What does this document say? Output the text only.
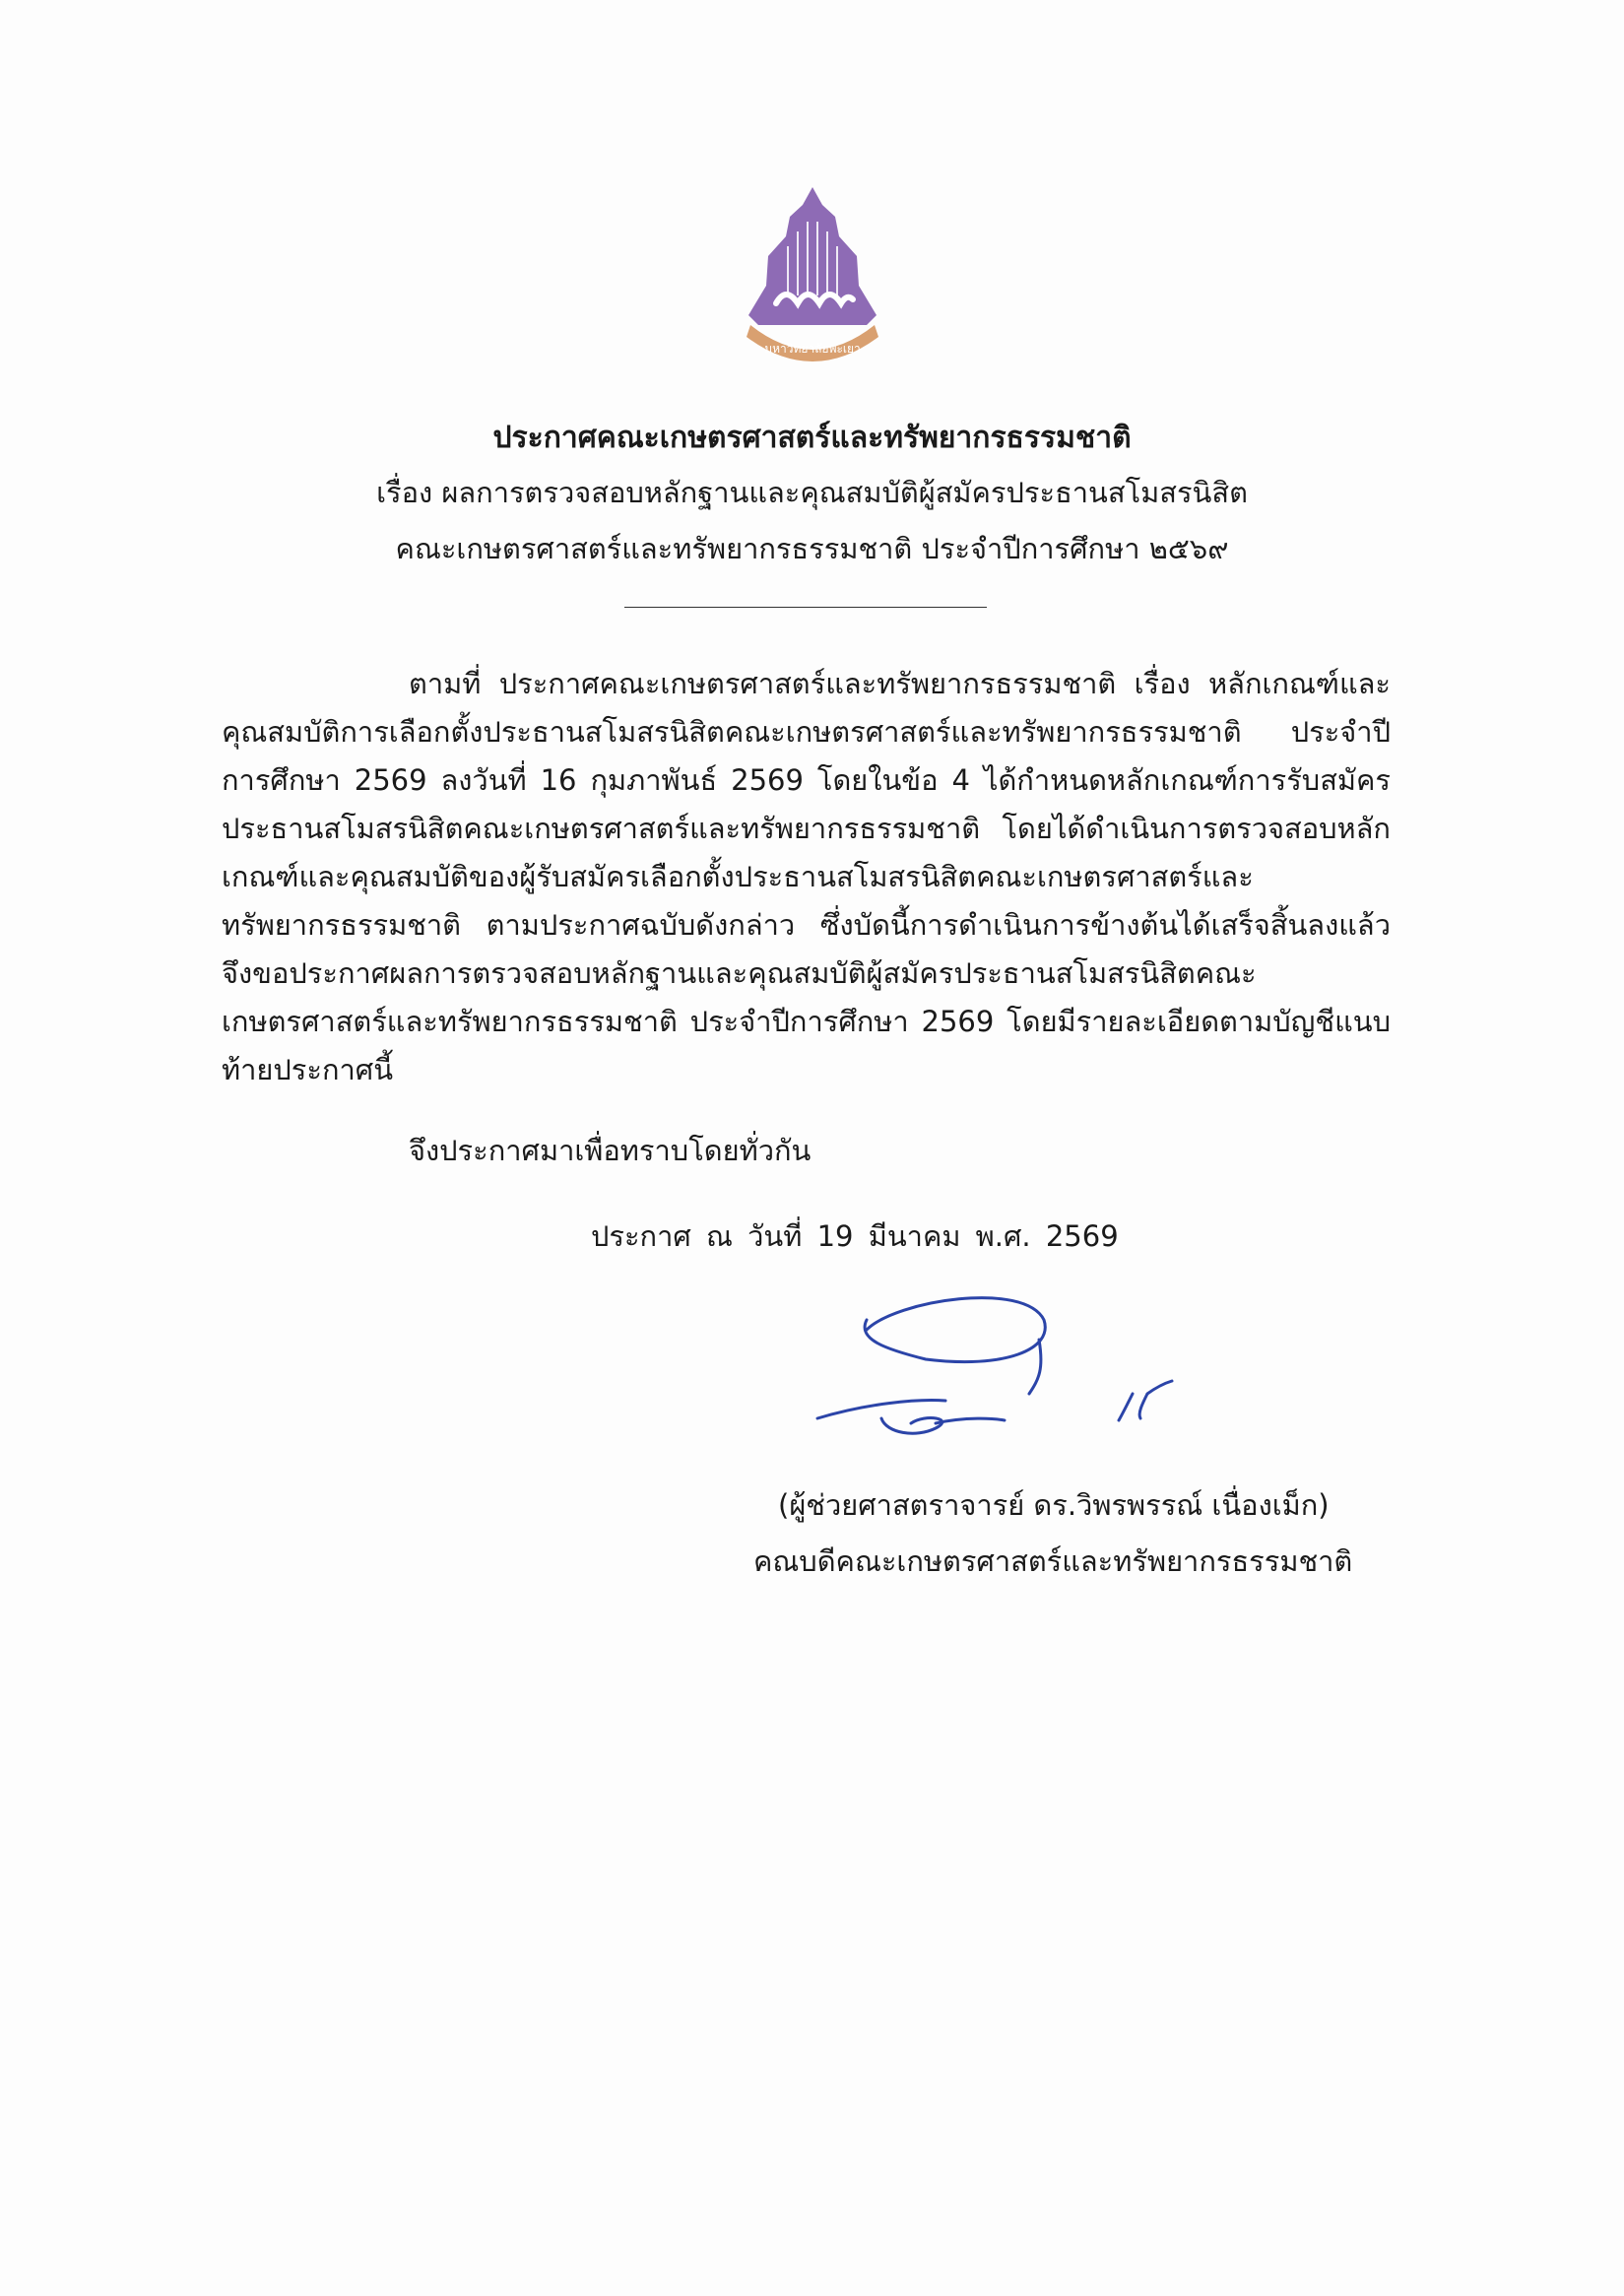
มหาวิทยาลัยพะเยา
ประกาศคณะเกษตรศาสตร์และทรัพยากรธรรมชาติ
เรื่อง ผลการตรวจสอบหลักฐานและคุณสมบัติผู้สมัครประธานสโมสรนิสิต
คณะเกษตรศาสตร์และทรัพยากรธรรมชาติ ประจำปีการศึกษา ๒๕๖๙
ตามที่ ประกาศคณะเกษตรศาสตร์และทรัพยากรธรรมชาติ เรื่อง หลักเกณฑ์และคุณสมบัติการเลือกตั้งประธานสโมสรนิสิตคณะเกษตรศาสตร์และทรัพยากรธรรมชาติ ประจำปีการศึกษา 2569 ลงวันที่ 16 กุมภาพันธ์ 2569 โดยในข้อ 4 ได้กำหนดหลักเกณฑ์การรับสมัครประธานสโมสรนิสิตคณะเกษตรศาสตร์และทรัพยากรธรรมชาติ โดยได้ดำเนินการตรวจสอบหลักเกณฑ์และคุณสมบัติของผู้รับสมัครเลือกตั้งประธานสโมสรนิสิตคณะเกษตรศาสตร์และทรัพยากรธรรมชาติ ตามประกาศฉบับดังกล่าว ซึ่งบัดนี้การดำเนินการข้างต้นได้เสร็จสิ้นลงแล้ว จึงขอประกาศผลการตรวจสอบหลักฐานและคุณสมบัติผู้สมัครประธานสโมสรนิสิตคณะเกษตรศาสตร์และทรัพยากรธรรมชาติ ประจำปีการศึกษา 2569 โดยมีรายละเอียดตามบัญชีแนบท้ายประกาศนี้
จึงประกาศมาเพื่อทราบโดยทั่วกัน
ประกาศ ณ วันที่ 19 มีนาคม พ.ศ. 2569
(ผู้ช่วยศาสตราจารย์ ดร.วิพรพรรณ์ เนื่องเม็ก)
คณบดีคณะเกษตรศาสตร์และทรัพยากรธรรมชาติ
